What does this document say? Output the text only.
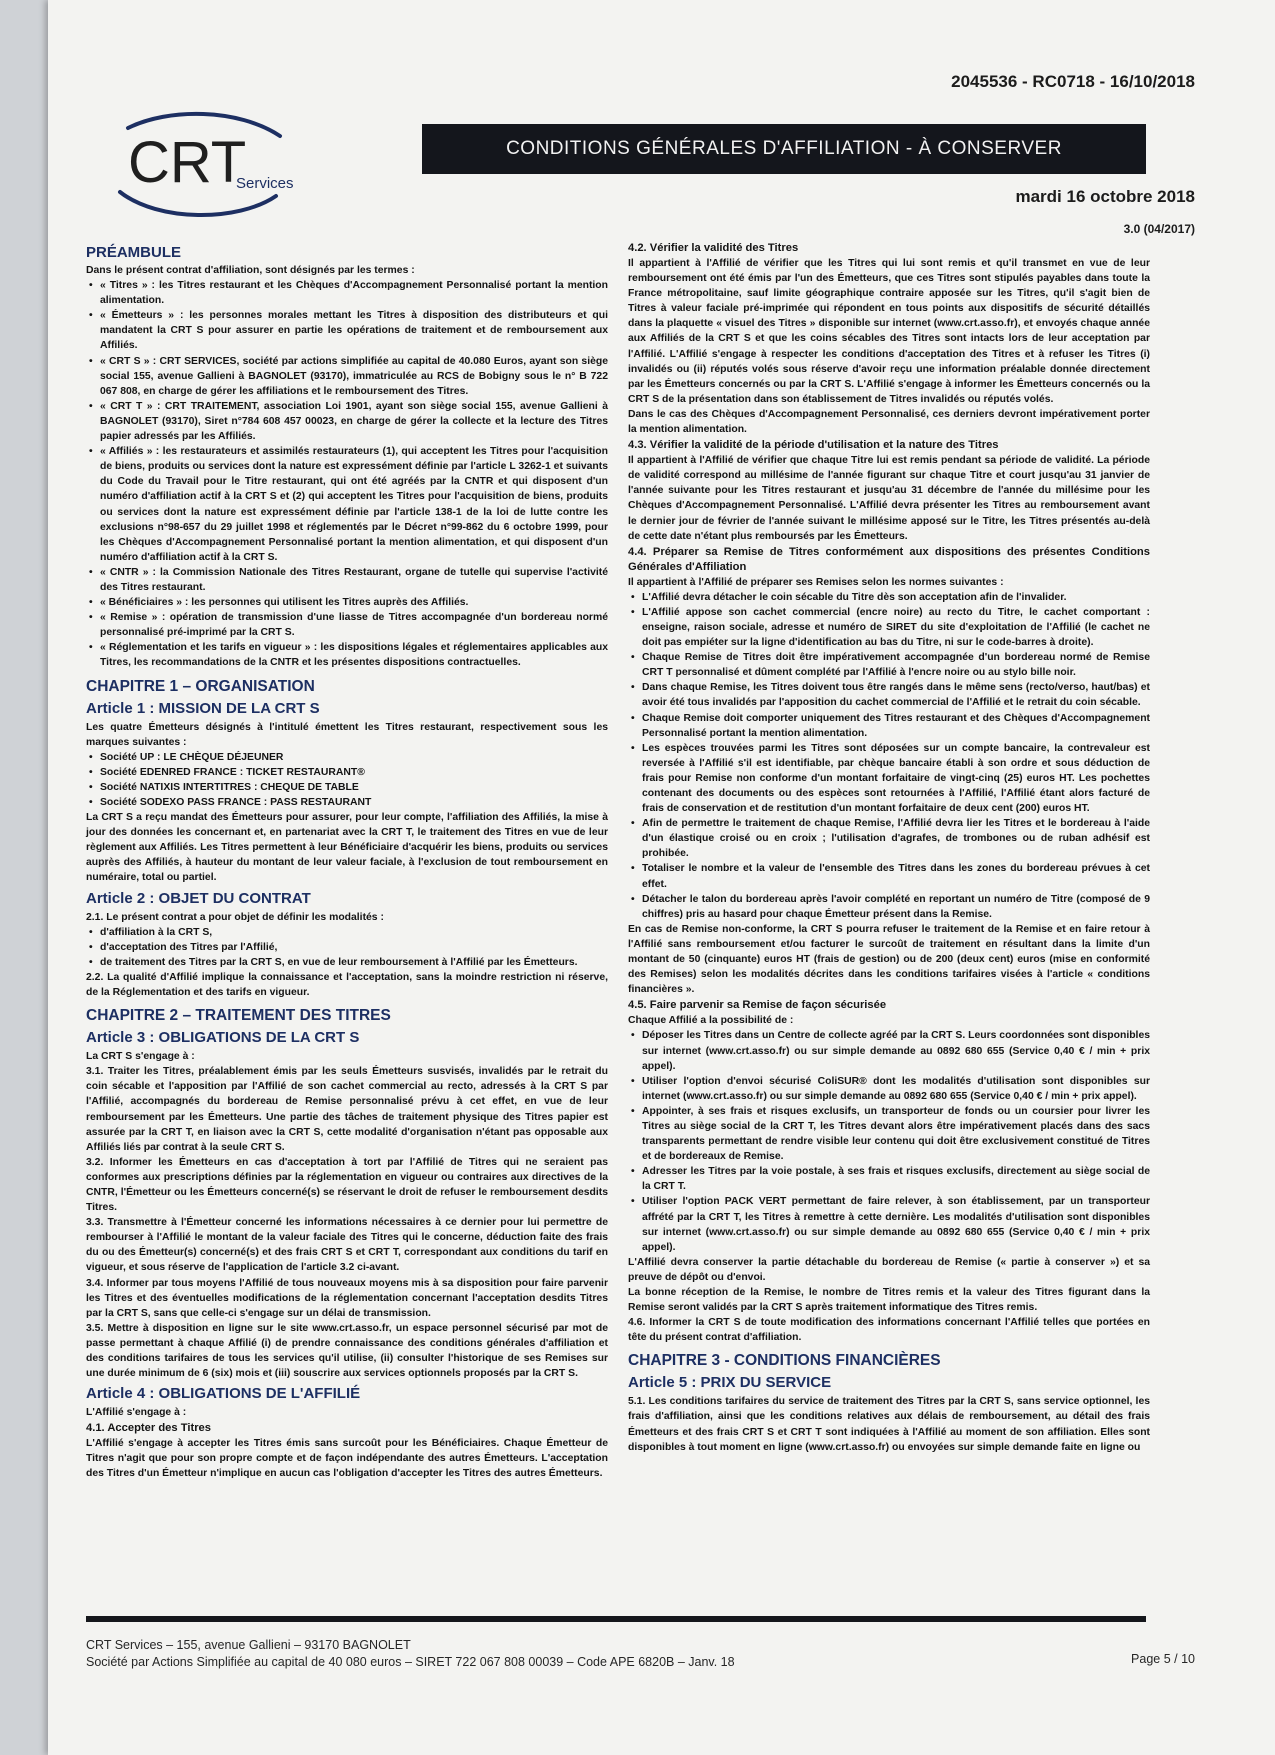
2045536 - RC0718 - 16/10/2018
CRT
Services
CONDITIONS GÉNÉRALES D'AFFILIATION - À CONSERVER
mardi 16 octobre 2018
3.0 (04/2017)
PRÉAMBULE

Dans le présent contrat d'affiliation, sont désignés par les termes :

• « Titres » : les Titres restaurant et les Chèques d'Accompagnement Personnalisé portant la mention alimentation.
• « Émetteurs » : les personnes morales mettant les Titres à disposition des distributeurs et qui mandatent la CRT S pour assurer en partie les opérations de traitement et de remboursement aux Affiliés.
• « CRT S » : CRT SERVICES, société par actions simplifiée au capital de 40.080 Euros, ayant son siège social 155, avenue Gallieni à BAGNOLET (93170), immatriculée au RCS de Bobigny sous le n° B 722 067 808, en charge de gérer les affiliations et le remboursement des Titres.
• « CRT T » : CRT TRAITEMENT, association Loi 1901, ayant son siège social 155, avenue Gallieni à BAGNOLET (93170), Siret n°784 608 457 00023, en charge de gérer la collecte et la lecture des Titres papier adressés par les Affiliés.
• « Affiliés » : les restaurateurs et assimilés restaurateurs (1), qui acceptent les Titres pour l'acquisition de biens, produits ou services dont la nature est expressément définie par l'article L 3262-1 et suivants du Code du Travail pour le Titre restaurant, qui ont été agréés par la CNTR et qui disposent d'un numéro d'affiliation actif à la CRT S et (2) qui acceptent les Titres pour l'acquisition de biens, produits ou services dont la nature est expressément définie par l'article 138-1 de la loi de lutte contre les exclusions n°98-657 du 29 juillet 1998 et réglementés par le Décret n°99-862 du 6 octobre 1999, pour les Chèques d'Accompagnement Personnalisé portant la mention alimentation, et qui disposent d'un numéro d'affiliation actif à la CRT S.
• « CNTR » : la Commission Nationale des Titres Restaurant, organe de tutelle qui supervise l'activité des Titres restaurant.
• « Bénéficiaires » : les personnes qui utilisent les Titres auprès des Affiliés.
• « Remise » : opération de transmission d'une liasse de Titres accompagnée d'un bordereau normé personnalisé pré-imprimé par la CRT S.
• « Réglementation et les tarifs en vigueur » : les dispositions légales et réglementaires applicables aux Titres, les recommandations de la CNTR et les présentes dispositions contractuelles.
CHAPITRE 1 – ORGANISATION
Article 1 : MISSION DE LA CRT S

Les quatre Émetteurs désignés à l'intitulé émettent les Titres restaurant, respectivement sous les marques suivantes :

• Société UP : LE CHÈQUE DÉJEUNER
• Société EDENRED FRANCE : TICKET RESTAURANT®
• Société NATIXIS INTERTITRES : CHEQUE DE TABLE
• Société SODEXO PASS FRANCE : PASS RESTAURANT

La CRT S a reçu mandat des Émetteurs pour assurer, pour leur compte, l'affiliation des Affiliés, la mise à jour des données les concernant et, en partenariat avec la CRT T, le traitement des Titres en vue de leur règlement aux Affiliés. Les Titres permettent à leur Bénéficiaire d'acquérir les biens, produits ou services auprès des Affiliés, à hauteur du montant de leur valeur faciale, à l'exclusion de tout remboursement en numéraire, total ou partiel.

Article 2 : OBJET DU CONTRAT

2.1. Le présent contrat a pour objet de définir les modalités :

• d'affiliation à la CRT S,
• d'acceptation des Titres par l'Affilié,
• de traitement des Titres par la CRT S, en vue de leur remboursement à l'Affilié par les Émetteurs.

2.2. La qualité d'Affilié implique la connaissance et l'acceptation, sans la moindre restriction ni réserve, de la Réglementation et des tarifs en vigueur.

CHAPITRE 2 – TRAITEMENT DES TITRES
Article 3 : OBLIGATIONS DE LA CRT S

La CRT S s'engage à :

3.1. Traiter les Titres, préalablement émis par les seuls Émetteurs susvisés, invalidés par le retrait du coin sécable et l'apposition par l'Affilié de son cachet commercial au recto, adressés à la CRT S par l'Affilié, accompagnés du bordereau de Remise personnalisé prévu à cet effet, en vue de leur remboursement par les Émetteurs. Une partie des tâches de traitement physique des Titres papier est assurée par la CRT T, en liaison avec la CRT S, cette modalité d'organisation n'étant pas opposable aux Affiliés liés par contrat à la seule CRT S.

3.2. Informer les Émetteurs en cas d'acceptation à tort par l'Affilié de Titres qui ne seraient pas conformes aux prescriptions définies par la réglementation en vigueur ou contraires aux directives de la CNTR, l'Émetteur ou les Émetteurs concerné(s) se réservant le droit de refuser le remboursement desdits Titres.

3.3. Transmettre à l'Émetteur concerné les informations nécessaires à ce dernier pour lui permettre de rembourser à l'Affilié le montant de la valeur faciale des Titres qui le concerne, déduction faite des frais du ou des Émetteur(s) concerné(s) et des frais CRT S et CRT T, correspondant aux conditions du tarif en vigueur, et sous réserve de l'application de l'article 3.2 ci-avant.

3.4. Informer par tous moyens l'Affilié de tous nouveaux moyens mis à sa disposition pour faire parvenir les Titres et des éventuelles modifications de la réglementation concernant l'acceptation desdits Titres par la CRT S, sans que celle-ci s'engage sur un délai de transmission.

3.5. Mettre à disposition en ligne sur le site www.crt.asso.fr, un espace personnel sécurisé par mot de passe permettant à chaque Affilié (i) de prendre connaissance des conditions générales d'affiliation et des conditions tarifaires de tous les services qu'il utilise, (ii) consulter l'historique de ses Remises sur une durée minimum de 6 (six) mois et (iii) souscrire aux services optionnels proposés par la CRT S.

Article 4 : OBLIGATIONS DE L'AFFILIÉ

L'Affilié s'engage à :

4.1. Accepter des Titres

L'Affilié s'engage à accepter les Titres émis sans surcoût pour les Bénéficiaires. Chaque Émetteur de Titres n'agit que pour son propre compte et de façon indépendante des autres Émetteurs. L'acceptation des Titres d'un Émetteur n'implique en aucun cas l'obligation d'accepter les Titres des autres Émetteurs.

4.2. Vérifier la validité des Titres

Il appartient à l'Affilié de vérifier que les Titres qui lui sont remis et qu'il transmet en vue de leur remboursement ont été émis par l'un des Émetteurs, que ces Titres sont stipulés payables dans toute la France métropolitaine, sauf limite géographique contraire apposée sur les Titres, qu'il s'agit bien de Titres à valeur faciale pré-imprimée qui répondent en tous points aux dispositifs de sécurité détaillés dans la plaquette « visuel des Titres » disponible sur internet (www.crt.asso.fr), et envoyés chaque année aux Affiliés de la CRT S et que les coins sécables des Titres sont intacts lors de leur acceptation par l'Affilié. L'Affilié s'engage à respecter les conditions d'acceptation des Titres et à refuser les Titres (i) invalidés ou (ii) réputés volés sous réserve d'avoir reçu une information préalable donnée directement par les Émetteurs concernés ou par la CRT S. L'Affilié s'engage à informer les Émetteurs concernés ou la CRT S de la présentation dans son établissement de Titres invalidés ou réputés volés.

Dans le cas des Chèques d'Accompagnement Personnalisé, ces derniers devront impérativement porter la mention alimentation.

4.3. Vérifier la validité de la période d'utilisation et la nature des Titres

Il appartient à l'Affilié de vérifier que chaque Titre lui est remis pendant sa période de validité. La période de validité correspond au millésime de l'année figurant sur chaque Titre et court jusqu'au 31 janvier de l'année suivante pour les Titres restaurant et jusqu'au 31 décembre de l'année du millésime pour les Chèques d'Accompagnement Personnalisé. L'Affilié devra présenter les Titres au remboursement avant le dernier jour de février de l'année suivant le millésime apposé sur le Titre, les Titres présentés au-delà de cette date n'étant plus remboursés par les Émetteurs.

4.4. Préparer sa Remise de Titres conformément aux dispositions des présentes Conditions Générales d'Affiliation

Il appartient à l'Affilié de préparer ses Remises selon les normes suivantes :

• L'Affilié devra détacher le coin sécable du Titre dès son acceptation afin de l'invalider.
• L'Affilié appose son cachet commercial (encre noire) au recto du Titre, le cachet comportant : enseigne, raison sociale, adresse et numéro de SIRET du site d'exploitation de l'Affilié (le cachet ne doit pas empiéter sur la ligne d'identification au bas du Titre, ni sur le code-barres à droite).
• Chaque Remise de Titres doit être impérativement accompagnée d'un bordereau normé de Remise CRT T personnalisé et dûment complété par l'Affilié à l'encre noire ou au stylo bille noir.
• Dans chaque Remise, les Titres doivent tous être rangés dans le même sens (recto/verso, haut/bas) et avoir été tous invalidés par l'apposition du cachet commercial de l'Affilié et le retrait du coin sécable.
• Chaque Remise doit comporter uniquement des Titres restaurant et des Chèques d'Accompagnement Personnalisé portant la mention alimentation.
• Les espèces trouvées parmi les Titres sont déposées sur un compte bancaire, la contrevaleur est reversée à l'Affilié s'il est identifiable, par chèque bancaire établi à son ordre et sous déduction de frais pour Remise non conforme d'un montant forfaitaire de vingt-cinq (25) euros HT. Les pochettes contenant des documents ou des espèces sont retournées à l'Affilié, l'Affilié étant alors facturé de frais de conservation et de restitution d'un montant forfaitaire de deux cent (200) euros HT.
• Afin de permettre le traitement de chaque Remise, l'Affilié devra lier les Titres et le bordereau à l'aide d'un élastique croisé ou en croix ; l'utilisation d'agrafes, de trombones ou de ruban adhésif est prohibée.
• Totaliser le nombre et la valeur de l'ensemble des Titres dans les zones du bordereau prévues à cet effet.
• Détacher le talon du bordereau après l'avoir complété en reportant un numéro de Titre (composé de 9 chiffres) pris au hasard pour chaque Émetteur présent dans la Remise.

En cas de Remise non-conforme, la CRT S pourra refuser le traitement de la Remise et en faire retour à l'Affilié sans remboursement et/ou facturer le surcoût de traitement en résultant dans la limite d'un montant de 50 (cinquante) euros HT (frais de gestion) ou de 200 (deux cent) euros (mise en conformité des Remises) selon les modalités décrites dans les conditions tarifaires visées à l'article « conditions financières ».

4.5. Faire parvenir sa Remise de façon sécurisée

Chaque Affilié a la possibilité de :

• Déposer les Titres dans un Centre de collecte agréé par la CRT S. Leurs coordonnées sont disponibles sur internet (www.crt.asso.fr) ou sur simple demande au 0892 680 655 (Service 0,40 € / min + prix appel).
• Utiliser l'option d'envoi sécurisé ColiSUR® dont les modalités d'utilisation sont disponibles sur internet (www.crt.asso.fr) ou sur simple demande au 0892 680 655 (Service 0,40 € / min + prix appel).
• Appointer, à ses frais et risques exclusifs, un transporteur de fonds ou un coursier pour livrer les Titres au siège social de la CRT T, les Titres devant alors être impérativement placés dans des sacs transparents permettant de rendre visible leur contenu qui doit être exclusivement constitué de Titres et de bordereaux de Remise.
• Adresser les Titres par la voie postale, à ses frais et risques exclusifs, directement au siège social de la CRT T.
• Utiliser l'option PACK VERT permettant de faire relever, à son établissement, par un transporteur affrété par la CRT T, les Titres à remettre à cette dernière. Les modalités d'utilisation sont disponibles sur internet (www.crt.asso.fr) ou sur simple demande au 0892 680 655 (Service 0,40 € / min + prix appel).

L'Affilié devra conserver la partie détachable du bordereau de Remise (« partie à conserver ») et sa preuve de dépôt ou d'envoi.

La bonne réception de la Remise, le nombre de Titres remis et la valeur des Titres figurant dans la Remise seront validés par la CRT S après traitement informatique des Titres remis.

4.6. Informer la CRT S de toute modification des informations concernant l'Affilié telles que portées en tête du présent contrat d'affiliation.

CHAPITRE 3 - CONDITIONS FINANCIÈRES
Article 5 : PRIX DU SERVICE

5.1. Les conditions tarifaires du service de traitement des Titres par la CRT S, sans service optionnel, les frais d'affiliation, ainsi que les conditions relatives aux délais de remboursement, au détail des frais Émetteurs et des frais CRT S et CRT T sont indiquées à l'Affilié au moment de son affiliation. Elles sont disponibles à tout moment en ligne (www.crt.asso.fr) ou envoyées sur simple demande faite en ligne ou

CRT Services – 155, avenue Gallieni – 93170 BAGNOLET
Société par Actions Simplifiée au capital de 40 080 euros – SIRET 722 067 808 00039 – Code APE 6820B – Janv. 18	Page 5 / 10
